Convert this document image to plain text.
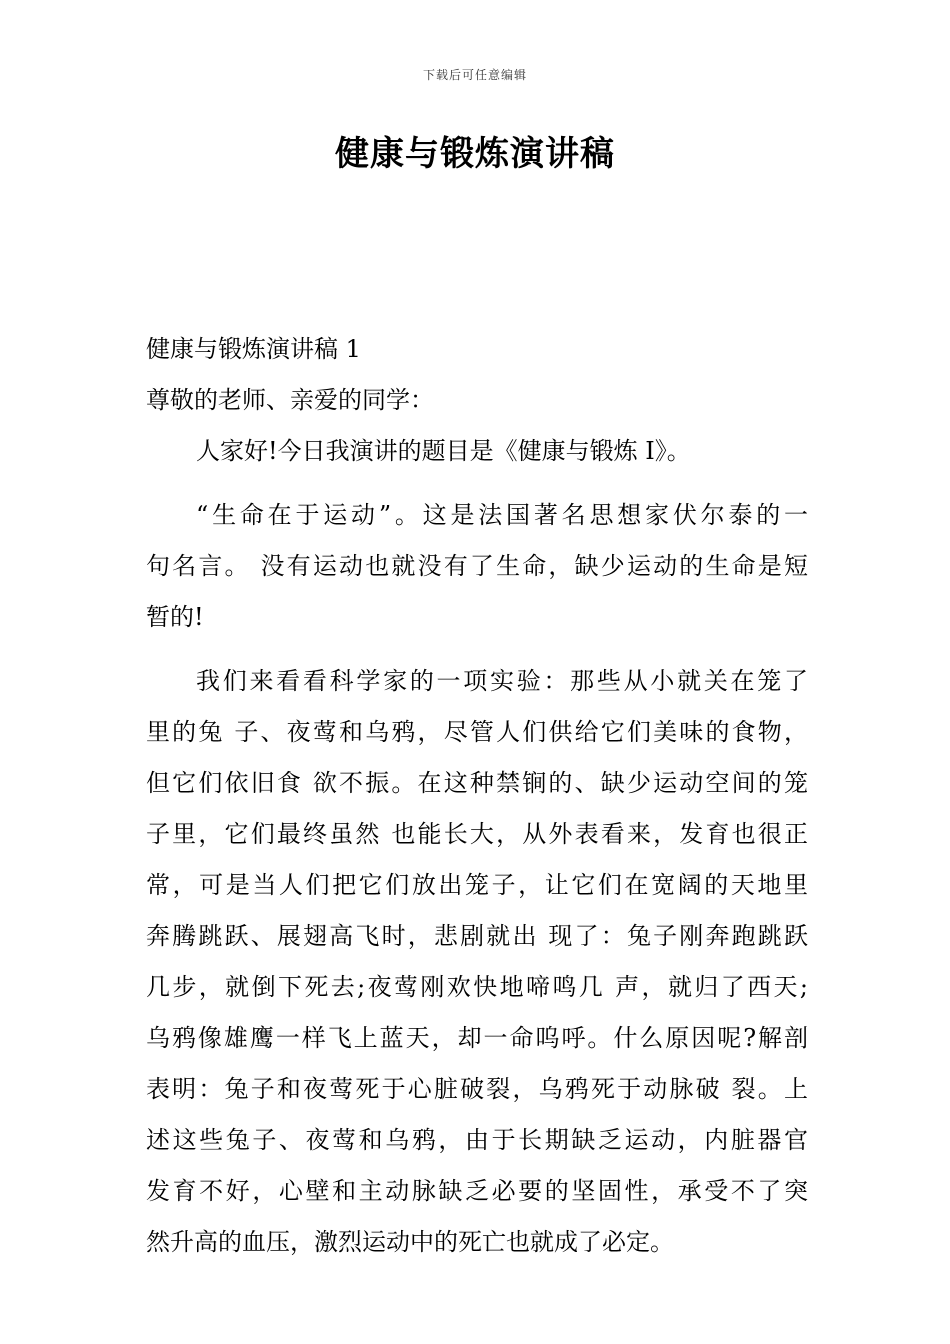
下载后可任意编辑
健康与锻炼演讲稿
健康与锻炼演讲稿 1
尊敬的老师、亲爱的同学：
人家好!今日我演讲的题目是《健康与锻炼 I》。
“生命在于运动”。这是法国著名思想家伏尔泰的一
句名言。 没有运动也就没有了生命，缺少运动的生命是短
暂的!
我们来看看科学家的一项实验：那些从小就关在笼了
里的兔 子、夜莺和乌鸦，尽管人们供给它们美味的食物，
但它们依旧食 欲不振。在这种禁锏的、缺少运动空间的笼
子里，它们最终虽然 也能长大，从外表看来，发育也很正
常，可是当人们把它们放出笼子，让它们在宽阔的天地里
奔腾跳跃、展翅高飞时，悲剧就出 现了：兔子刚奔跑跳跃
几步，就倒下死去;夜莺刚欢快地啼鸣几 声，就归了西天;
乌鸦像雄鹰一样飞上蓝天，却一命呜呼。什么原因呢?解剖
表明：兔子和夜莺死于心脏破裂，乌鸦死于动脉破 裂。上
述这些兔子、夜莺和乌鸦，由于长期缺乏运动，内脏器官
发育不好，心壁和主动脉缺乏必要的坚固性，承受不了突
然升高的血压，激烈运动中的死亡也就成了必定。
